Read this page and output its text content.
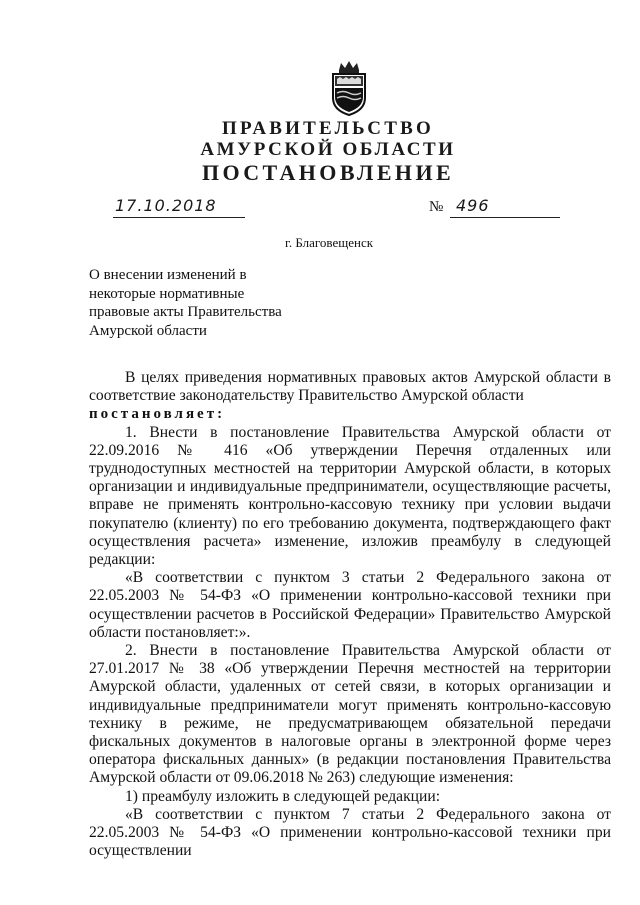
ПРАВИТЕЛЬСТВО
АМУРСКОЙ ОБЛАСТИ
ПОСТАНОВЛЕНИЕ
17.10.2018	№ 496
г. Благовещенск
О внесении изменений в
некоторые нормативные
правовые акты Правительства
Амурской области

В целях приведения нормативных правовых актов Амурской области в соответствие законодательству Правительство Амурской области

постановляет:

1. Внести в постановление Правительства Амурской области от 22.09.2016 № 416 «Об утверждении Перечня отдаленных или труднодоступных местностей на территории Амурской области, в которых организации и индивидуальные предприниматели, осуществляющие расчеты, вправе не применять контрольно-кассовую технику при условии выдачи покупателю (клиенту) по его требованию документа, подтверждающего факт осуществления расчета» изменение, изложив преамбулу в следующей редакции:

«В соответствии с пунктом 3 статьи 2 Федерального закона от 22.05.2003 № 54-ФЗ «О применении контрольно-кассовой техники при осуществлении расчетов в Российской Федерации» Правительство Амурской области постановляет:».

2. Внести в постановление Правительства Амурской области от 27.01.2017 № 38 «Об утверждении Перечня местностей на территории Амурской области, удаленных от сетей связи, в которых организации и индивидуальные предприниматели могут применять контрольно-кассовую технику в режиме, не предусматривающем обязательной передачи фискальных документов в налоговые органы в электронной форме через оператора фискальных данных» (в редакции постановления Правительства Амурской области от 09.06.2018 № 263) следующие изменения:

1) преамбулу изложить в следующей редакции:

«В соответствии с пунктом 7 статьи 2 Федерального закона от 22.05.2003 № 54-ФЗ «О применении контрольно-кассовой техники при осуществлении
